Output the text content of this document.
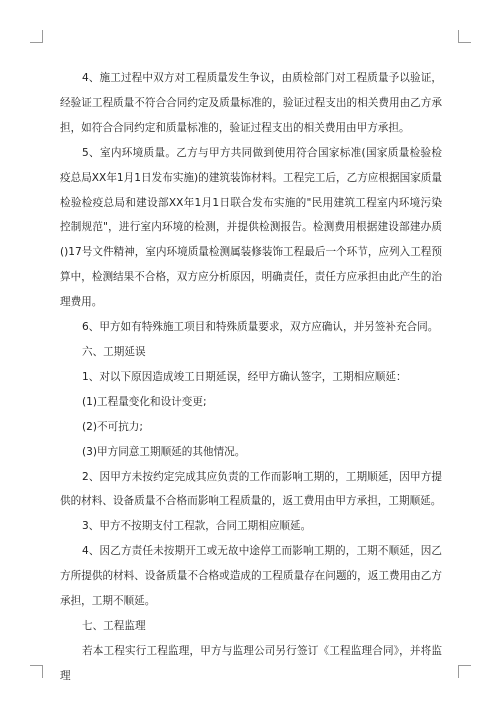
4、施工过程中双方对工程质量发生争议，由质检部门对工程质量予以验证，经验证工程质量不符合合同约定及质量标准的，验证过程支出的相关费用由乙方承担，如符合合同约定和质量标准的，验证过程支出的相关费用由甲方承担。

5、室内环境质量。乙方与甲方共同做到使用符合国家标准(国家质量检验检疫总局XX年1月1日发布实施)的建筑装饰材料。工程完工后，乙方应根据国家质量检验检疫总局和建设部XX年1月1日联合发布实施的"民用建筑工程室内环境污染控制规范"，进行室内环境的检测，并提供检测报告。检测费用根据建设部建办质()17号文件精神，室内环境质量检测属装修装饰工程最后一个环节，应列入工程预算中，检测结果不合格，双方应分析原因，明确责任，责任方应承担由此产生的治理费用。

6、甲方如有特殊施工项目和特殊质量要求，双方应确认，并另签补充合同。

六、工期延误

1、对以下原因造成竣工日期延误，经甲方确认签字，工期相应顺延：

(1)工程量变化和设计变更;

(2)不可抗力;

(3)甲方同意工期顺延的其他情况。

2、因甲方未按约定完成其应负责的工作而影响工期的，工期顺延，因甲方提供的材料、设备质量不合格而影响工程质量的，返工费用由甲方承担，工期顺延。

3、甲方不按期支付工程款，合同工期相应顺延。

4、因乙方责任未按期开工或无故中途停工而影响工期的，工期不顺延，因乙方所提供的材料、设备质量不合格或造成的工程质量存在问题的，返工费用由乙方承担，工期不顺延。

七、工程监理

若本工程实行工程监理，甲方与监理公司另行签订《工程监理合同》，并将监理
